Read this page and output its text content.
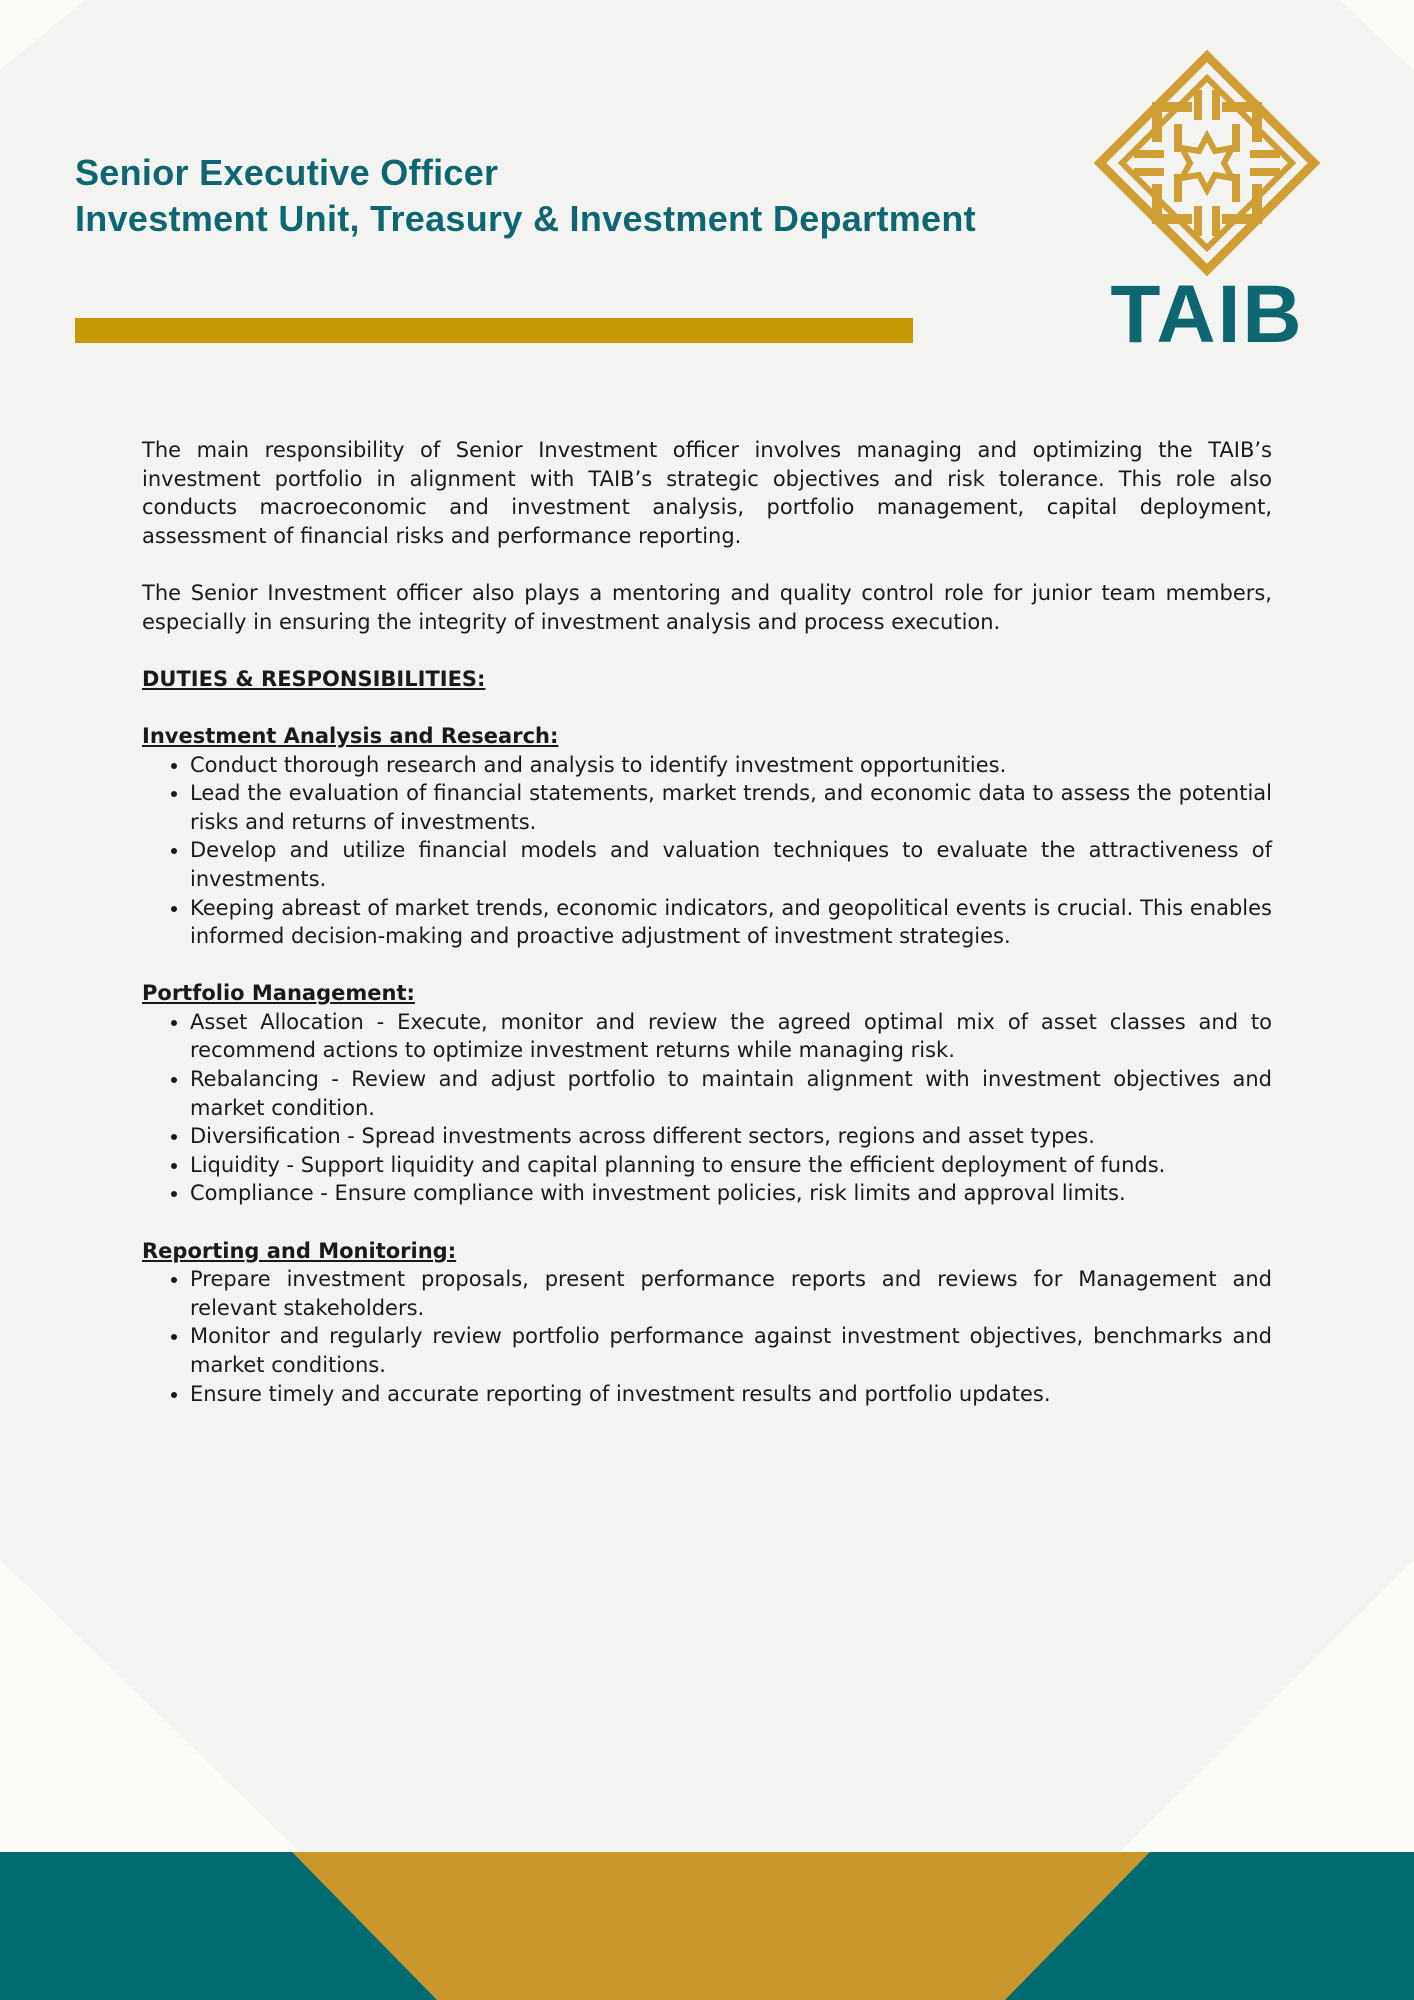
Senior Executive Officer
Investment Unit, Treasury & Investment Department
TAIB

The main responsibility of Senior Investment officer involves managing and optimizing the TAIB’s investment portfolio in alignment with TAIB’s strategic objectives and risk tolerance. This role also conducts macroeconomic and investment analysis, portfolio management, capital deployment, assessment of financial risks and performance reporting.

The Senior Investment officer also plays a mentoring and quality control role for junior team members, especially in ensuring the integrity of investment analysis and process execution.

DUTIES & RESPONSIBILITIES:
Investment Analysis and Research:
• Conduct thorough research and analysis to identify investment opportunities.
• Lead the evaluation of financial statements, market trends, and economic data to assess the potential risks and returns of investments.
• Develop and utilize financial models and valuation techniques to evaluate the attractiveness of investments.
• Keeping abreast of market trends, economic indicators, and geopolitical events is crucial. This enables informed decision-making and proactive adjustment of investment strategies.
Portfolio Management:
• Asset Allocation - Execute, monitor and review the agreed optimal mix of asset classes and to recommend actions to optimize investment returns while managing risk.
• Rebalancing - Review and adjust portfolio to maintain alignment with investment objectives and market condition.
• Diversification - Spread investments across different sectors, regions and asset types.
• Liquidity - Support liquidity and capital planning to ensure the efficient deployment of funds.
• Compliance - Ensure compliance with investment policies, risk limits and approval limits.
Reporting and Monitoring:
• Prepare investment proposals, present performance reports and reviews for Management and relevant stakeholders.
• Monitor and regularly review portfolio performance against investment objectives, benchmarks and market conditions.
• Ensure timely and accurate reporting of investment results and portfolio updates.
